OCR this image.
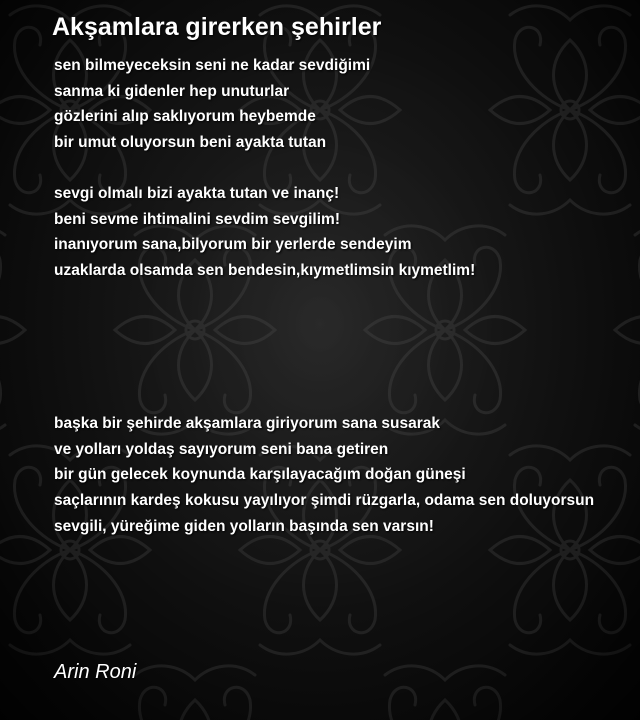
Akşamlara girerken şehirler
sen bilmeyeceksin seni ne kadar sevdiğimi
sanma ki gidenler hep unuturlar
gözlerini alıp saklıyorum heybemde
bir umut oluyorsun beni ayakta tutan
sevgi olmalı bizi ayakta tutan ve inanç!
beni sevme ihtimalini sevdim sevgilim!
inanıyorum sana,bilyorum bir yerlerde sendeyim
uzaklarda olsamda sen bendesin,kıymetlimsin kıymetlim!
başka bir şehirde akşamlara giriyorum sana susarak
ve yolları yoldaş sayıyorum seni bana getiren
bir gün gelecek koynunda karşılayacağım doğan güneşi
saçlarının kardeş kokusu yayılıyor şimdi rüzgarla, odama sen doluyorsun
sevgili, yüreğime giden yolların başında sen varsın!
Arin Roni
